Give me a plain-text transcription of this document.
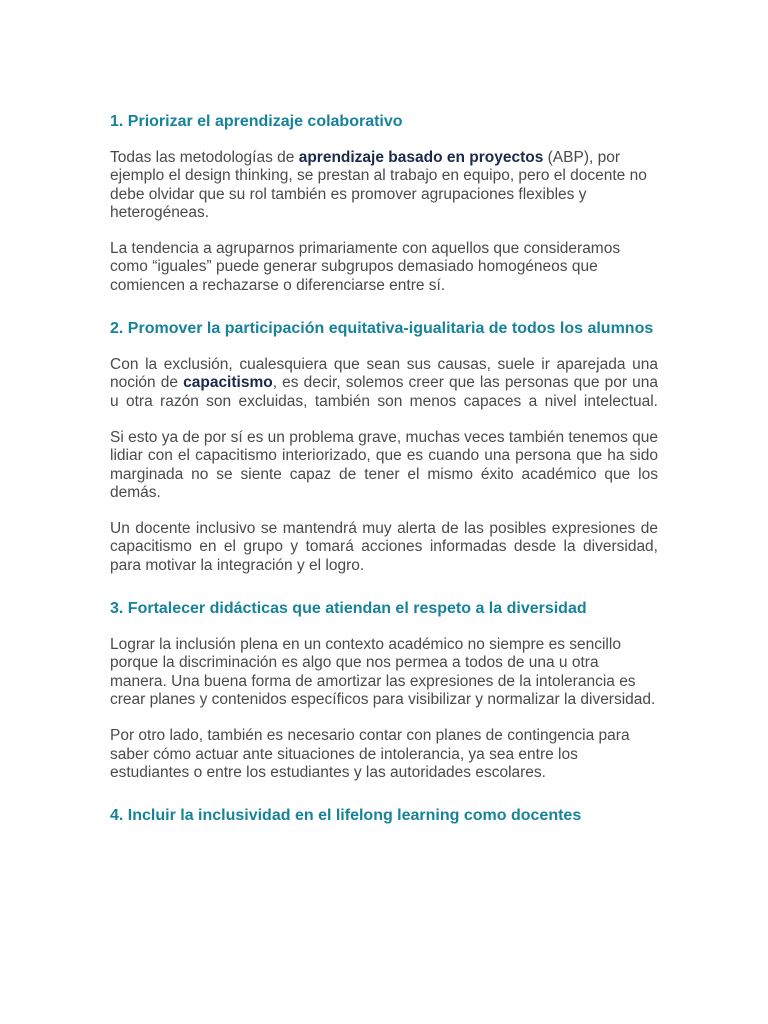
1. Priorizar el aprendizaje colaborativo

Todas las metodologías de aprendizaje basado en proyectos (ABP), por ejemplo el design thinking, se prestan al trabajo en equipo, pero el docente no debe olvidar que su rol también es promover agrupaciones flexibles y heterogéneas.

La tendencia a agruparnos primariamente con aquellos que consideramos como “iguales” puede generar subgrupos demasiado homogéneos que comiencen a rechazarse o diferenciarse entre sí.

2. Promover la participación equitativa-igualitaria de todos los alumnos

Con la exclusión, cualesquiera que sean sus causas, suele ir aparejada una noción de capacitismo, es decir, solemos creer que las personas que por una u otra razón son excluidas, también son menos capaces a nivel intelectual.

Si esto ya de por sí es un problema grave, muchas veces también tenemos que lidiar con el capacitismo interiorizado, que es cuando una persona que ha sido marginada no se siente capaz de tener el mismo éxito académico que los demás.

Un docente inclusivo se mantendrá muy alerta de las posibles expresiones de capacitismo en el grupo y tomará acciones informadas desde la diversidad, para motivar la integración y el logro.

3. Fortalecer didácticas que atiendan el respeto a la diversidad

Lograr la inclusión plena en un contexto académico no siempre es sencillo porque la discriminación es algo que nos permea a todos de una u otra manera. Una buena forma de amortizar las expresiones de la intolerancia es crear planes y contenidos específicos para visibilizar y normalizar la diversidad.

Por otro lado, también es necesario contar con planes de contingencia para saber cómo actuar ante situaciones de intolerancia, ya sea entre los estudiantes o entre los estudiantes y las autoridades escolares.

4. Incluir la inclusividad en el lifelong learning como docentes
